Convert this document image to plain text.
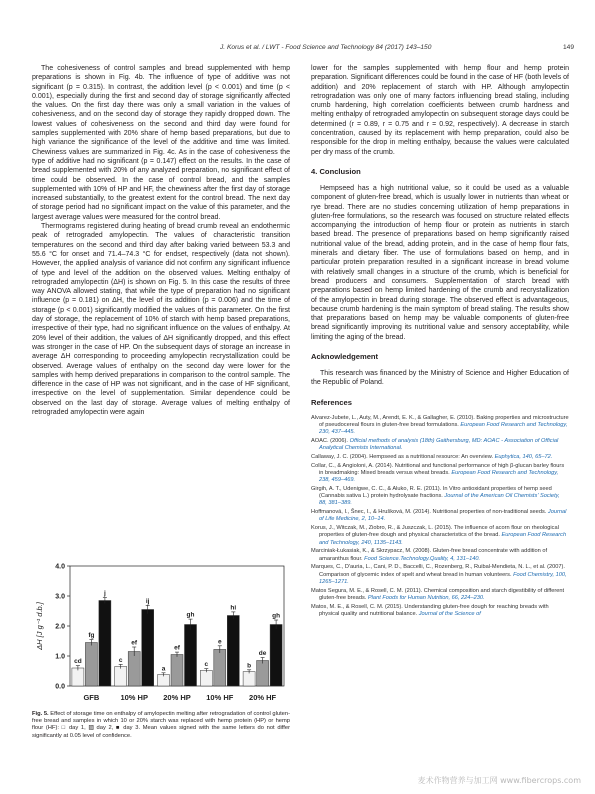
J. Korus et al. / LWT - Food Science and Technology 84 (2017) 143–150	149

The cohesiveness of control samples and bread supplemented with hemp preparations is shown in Fig. 4b. The influence of type of additive was not significant (p = 0.315). In contrast, the addition level (p < 0.001) and time (p < 0.001), especially during the first and second day of storage significantly affected the values. On the first day there was only a small variation in the values of cohesiveness, and on the second day of storage they rapidly dropped down. The lowest values of cohesiveness on the second and third day were found for samples supplemented with 20% share of hemp based preparations, but due to high variance the significance of the level of the additive and time was limited. Chewiness values are summarized in Fig. 4c. As in the case of cohesiveness the type of additive had no significant (p = 0.147) effect on the results. In the case of bread supplemented with 20% of any analyzed preparation, no significant effect of time could be observed. In the case of control bread, and the samples supplemented with 10% of HP and HF, the chewiness after the first day of storage increased substantially, to the greatest extent for the control bread. The next day of storage period had no significant impact on the value of this parameter, and the largest average values were measured for the control bread.

Thermograms registered during heating of bread crumb reveal an endothermic peak of retrograded amylopectin. The values of characteristic transition temperatures on the second and third day after baking varied between 53.3 and 55.6 °C for onset and 71.4–74.3 °C for endset, respectively (data not shown). However, the applied analysis of variance did not confirm any significant influence of type and level of the addition on the observed values. Melting enthalpy of retrograded amylopectin (ΔH) is shown on Fig. 5. In this case the results of three way ANOVA allowed stating, that while the type of preparation had no significant influence (p = 0.181) on ΔH, the level of its addition (p = 0.006) and the time of storage (p < 0.001) significantly modified the values of this parameter. On the first day of storage, the replacement of 10% of starch with hemp based preparations, irrespective of their type, had no significant influence on the values of enthalpy. At 20% level of their addition, the values of ΔH significantly dropped, and this effect was stronger in the case of HP. On the subsequent days of storage an increase in average ΔH corresponding to proceeding amylopectin recrystallization could be observed. Average values of enthalpy on the second day were lower for the samples with hemp derived preparations in comparison to the control sample. The difference in the case of HP was not significant, and in the case of HF significant, irrespective on the level of supplementation. Similar dependence could be observed on the last day of storage. Average values of melting enthalpy of retrograded amylopectin were again

0.0
1.0
2.0
3.0
4.0
ΔH [J g⁻¹ d.b.]
cd
fg
j
GFB
c
ef
ij
10% HP
a
ef
gh
20% HP
c
e
hi
10% HF
b
de
gh
20% HF
Fig. 5. Effect of storage time on enthalpy of amylopectin melting after retrogradation of control gluten-free bread and samples in which 10 or 20% starch was replaced with hemp protein (HP) or hemp flour (HF): □ day 1, ▨ day 2, ■ day 3. Mean values signed with the same letters do not differ significantly at 0.05 level of confidence.

lower for the samples supplemented with hemp flour and hemp protein preparation. Significant differences could be found in the case of HF (both levels of addition) and 20% replacement of starch with HP. Although amylopectin retrogradation was only one of many factors influencing bread staling, including crumb hardening, high correlation coefficients between crumb hardness and melting enthalpy of retrograded amylopectin on subsequent storage days could be determined (r = 0.89, r = 0.75 and r = 0.92, respectively). A decrease in starch concentration, caused by its replacement with hemp preparation, could also be responsible for the drop in melting enthalpy, because the values were calculated per dry mass of the crumb.

4. Conclusion

Hempseed has a high nutritional value, so it could be used as a valuable component of gluten-free bread, which is usually lower in nutrients than wheat or rye bread. There are no studies concerning utilization of hemp preparations in gluten-free formulations, so the research was focused on structure related effects accompanying the introduction of hemp flour or protein as nutrients in starch based bread. The presence of preparations based on hemp significantly raised nutritional value of the bread, adding protein, and in the case of hemp flour fats, minerals and dietary fiber. The use of formulations based on hemp, and in particular protein preparation resulted in a significant increase in bread volume with relatively small changes in a structure of the crumb, which is beneficial for bread producers and consumers. Supplementation of starch bread with preparations based on hemp limited hardening of the crumb and recrystallization of the amylopectin in bread during storage. The observed effect is advantageous, because crumb hardening is the main symptom of bread staling. The results show that preparations based on hemp may be valuable components of gluten-free bread significantly improving its nutritional value and sensory acceptability, while limiting the aging of the bread.

Acknowledgement

This research was financed by the Ministry of Science and Higher Education of the Republic of Poland.

References
Alvarez-Jubete, L., Auty, M., Arendt, E. K., & Gallagher, E. (2010). Baking properties and microstructure of pseudocereal flours in gluten-free bread formulations. European Food Research and Technology, 230, 437–445.
AOAC. (2006). Official methods of analysis (18th) Gaithersburg, MD: AOAC - Association of Official Analytical Chemists International.
Callaway, J. C. (2004). Hempseed as a nutritional resource: An overview. Euphytica, 140, 65–72.
Collar, C., & Angioloni, A. (2014). Nutritional and functional performance of high β-glucan barley flours in breadmaking: Mixed breads versus wheat breads. European Food Research and Technology, 238, 459–469.
Girgih, A. T., Udenigwe, C. C., & Aluko, R. E. (2011). In Vitro antioxidant properties of hemp seed (Cannabis sativa L.) protein hydrolysate fractions. Journal of the American Oil Chemists' Society, 88, 381–389.
Hoffmanová, I., Šnec, I., & Hrušková, M. (2014). Nutritional properties of non-traditional seeds. Journal of Life Medicine, 2, 10–14.
Korus, J., Witczak, M., Ziobro, R., & Juszczak, L. (2015). The influence of acorn flour on rheological properties of gluten-free dough and physical characteristics of the bread. European Food Research and Technology, 240, 1135–1143.
Marciniak-Łukasiak, K., & Skrzypacz, M. (2008). Gluten-free bread concentrate with addition of amaranthus flour. Food Science.Technology.Quality, 4, 131–140.
Marques, C., D'auria, L., Cani, P. D., Baccelli, C., Rozenberg, R., Ruibal-Mendieta, N. L., et al. (2007). Comparison of glycemic index of spelt and wheat bread in human volunteers. Food Chemistry, 100, 1265–1271.
Matos Segura, M. E., & Rosell, C. M. (2011). Chemical composition and starch digestibility of different gluten-free breads. Plant Foods for Human Nutrition, 66, 224–230.
Matos, M. E., & Rosell, C. M. (2015). Understanding gluten-free dough for reaching breads with physical quality and nutritional balance. Journal of the Science of
麦术作物营养与加工网 www.fibercrops.com
